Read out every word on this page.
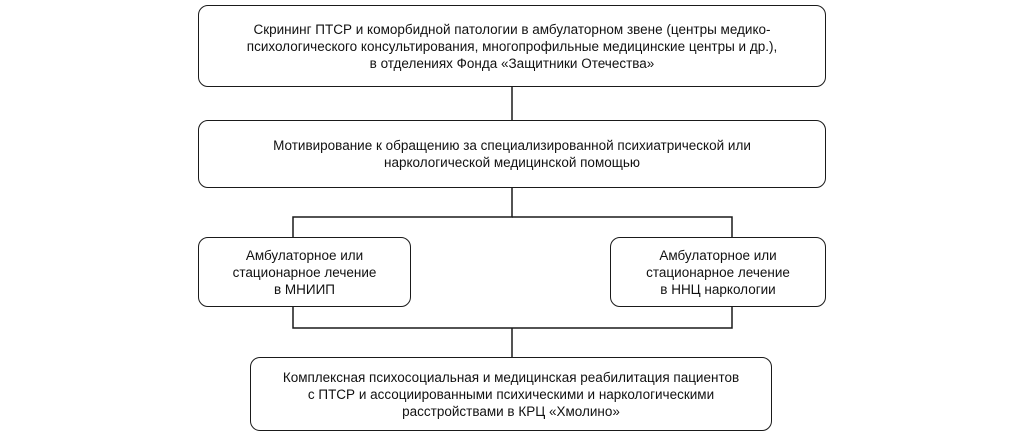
Скрининг ПТСР и коморбидной патологии в амбулаторном звене (центры медико-
психологического консультирования, многопрофильные медицинские центры и др.),
в отделениях Фонда «Защитники Отечества»
Мотивирование к обращению за специализированной психиатрической или
наркологической медицинской помощью
Амбулаторное или
стационарное лечение
в МНИИП
Амбулаторное или
стационарное лечение
в ННЦ наркологии
Комплексная психосоциальная и медицинская реабилитация пациентов
с ПТСР и ассоциированными психическими и наркологическими
расстройствами в КРЦ «Хмолино»
